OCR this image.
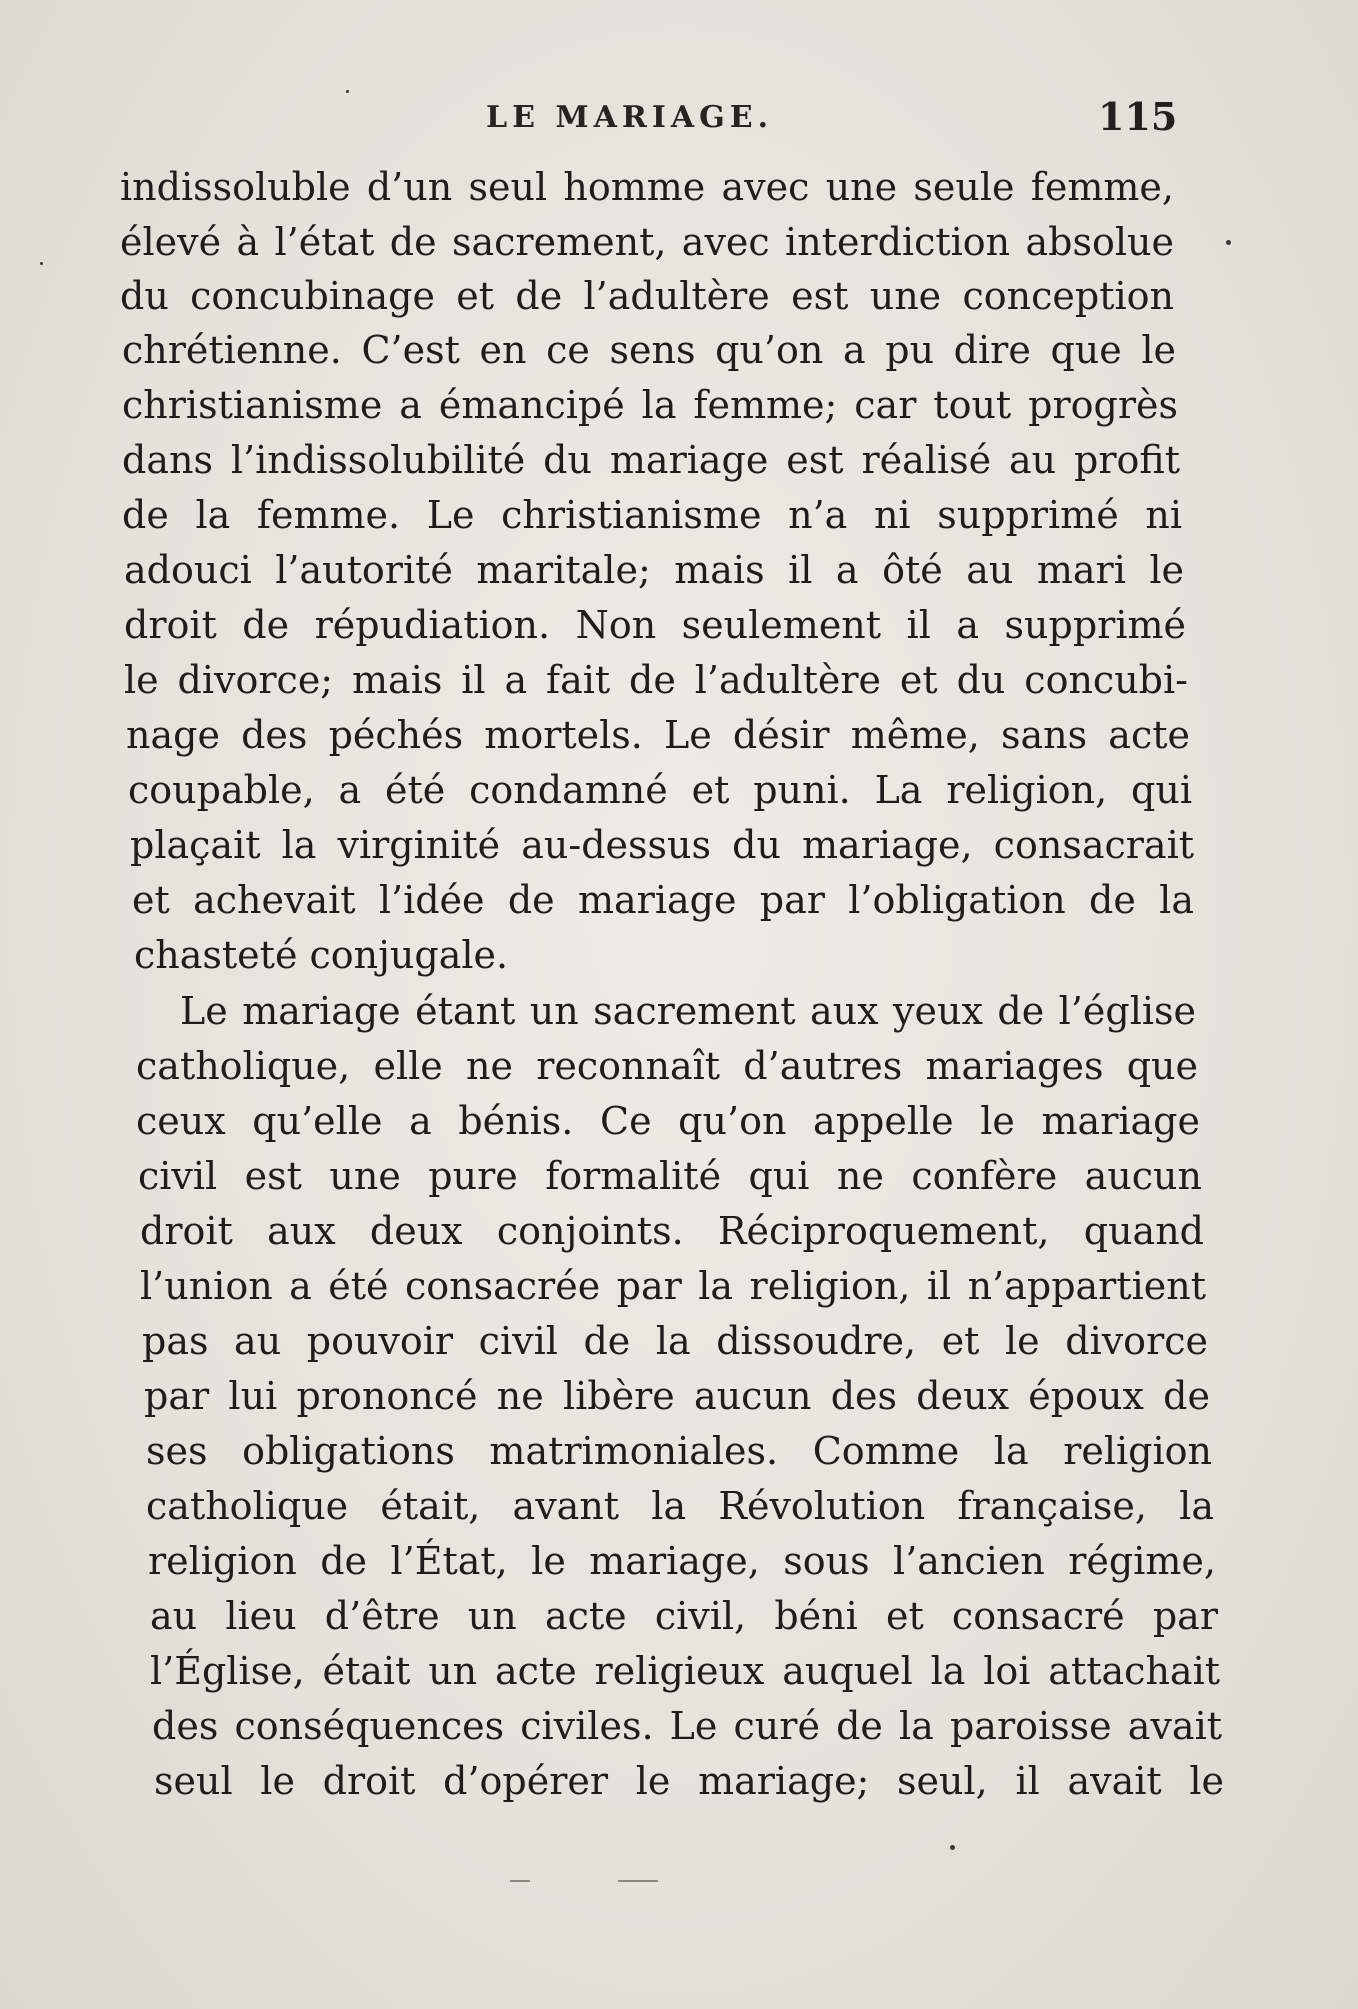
LE MARIAGE.	115
indissoluble d’un seul homme avec une seule femme,
élevé à l’état de sacrement, avec interdiction absolue
du concubinage et de l’adultère est une conception
chrétienne. C’est en ce sens qu’on a pu dire que le
christianisme a émancipé la femme; car tout progrès
dans l’indissolubilité du mariage est réalisé au profit
de la femme. Le christianisme n’a ni supprimé ni
adouci l’autorité maritale; mais il a ôté au mari le
droit de répudiation. Non seulement il a supprimé
le divorce; mais il a fait de l’adultère et du concubi-
nage des péchés mortels. Le désir même, sans acte
coupable, a été condamné et puni. La religion, qui
plaçait la virginité au-dessus du mariage, consacrait
et achevait l’idée de mariage par l’obligation de la
chasteté conjugale.
Le mariage étant un sacrement aux yeux de l’église
catholique, elle ne reconnaît d’autres mariages que
ceux qu’elle a bénis. Ce qu’on appelle le mariage
civil est une pure formalité qui ne confère aucun
droit aux deux conjoints. Réciproquement, quand
l’union a été consacrée par la religion, il n’appartient
pas au pouvoir civil de la dissoudre, et le divorce
par lui prononcé ne libère aucun des deux époux de
ses obligations matrimoniales. Comme la religion
catholique était, avant la Révolution française, la
religion de l’État, le mariage, sous l’ancien régime,
au lieu d’être un acte civil, béni et consacré par
l’Église, était un acte religieux auquel la loi attachait
des conséquences civiles. Le curé de la paroisse avait
seul le droit d’opérer le mariage; seul, il avait le
